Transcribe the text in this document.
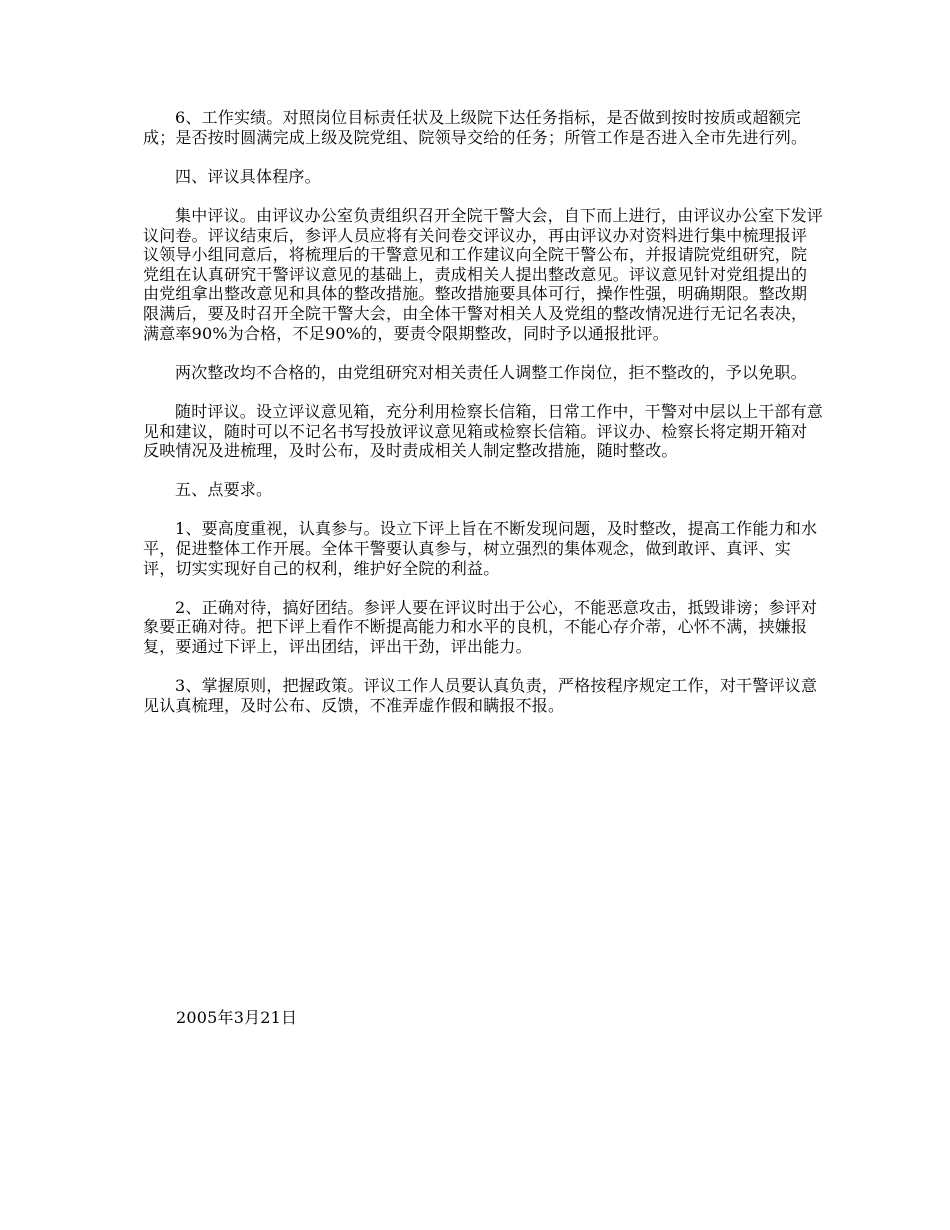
6、工作实绩。对照岗位目标责任状及上级院下达任务指标，是否做到按时按质或超额完成；是否按时圆满完成上级及院党组、院领导交给的任务；所管工作是否进入全市先进行列。

四、评议具体程序。

集中评议。由评议办公室负责组织召开全院干警大会，自下而上进行，由评议办公室下发评议问卷。评议结束后，参评人员应将有关问卷交评议办，再由评议办对资料进行集中梳理报评议领导小组同意后，将梳理后的干警意见和工作建议向全院干警公布，并报请院党组研究，院党组在认真研究干警评议意见的基础上，责成相关人提出整改意见。评议意见针对党组提出的由党组拿出整改意见和具体的整改措施。整改措施要具体可行，操作性强，明确期限。整改期限满后，要及时召开全院干警大会，由全体干警对相关人及党组的整改情况进行无记名表决，满意率90%为合格，不足90%的，要责令限期整改，同时予以通报批评。

两次整改均不合格的，由党组研究对相关责任人调整工作岗位，拒不整改的，予以免职。

随时评议。设立评议意见箱，充分利用检察长信箱，日常工作中，干警对中层以上干部有意见和建议，随时可以不记名书写投放评议意见箱或检察长信箱。评议办、检察长将定期开箱对反映情况及进梳理，及时公布，及时责成相关人制定整改措施，随时整改。

五、点要求。

1、要高度重视，认真参与。设立下评上旨在不断发现问题，及时整改，提高工作能力和水平，促进整体工作开展。全体干警要认真参与，树立强烈的集体观念，做到敢评、真评、实评，切实实现好自己的权利，维护好全院的利益。

2、正确对待，搞好团结。参评人要在评议时出于公心，不能恶意攻击，抵毁诽谤；参评对象要正确对待。把下评上看作不断提高能力和水平的良机，不能心存介蒂，心怀不满，挟嫌报复，要通过下评上，评出团结，评出干劲，评出能力。

3、掌握原则，把握政策。评议工作人员要认真负责，严格按程序规定工作，对干警评议意见认真梳理，及时公布、反馈，不准弄虚作假和瞒报不报。

2005年3月21日
